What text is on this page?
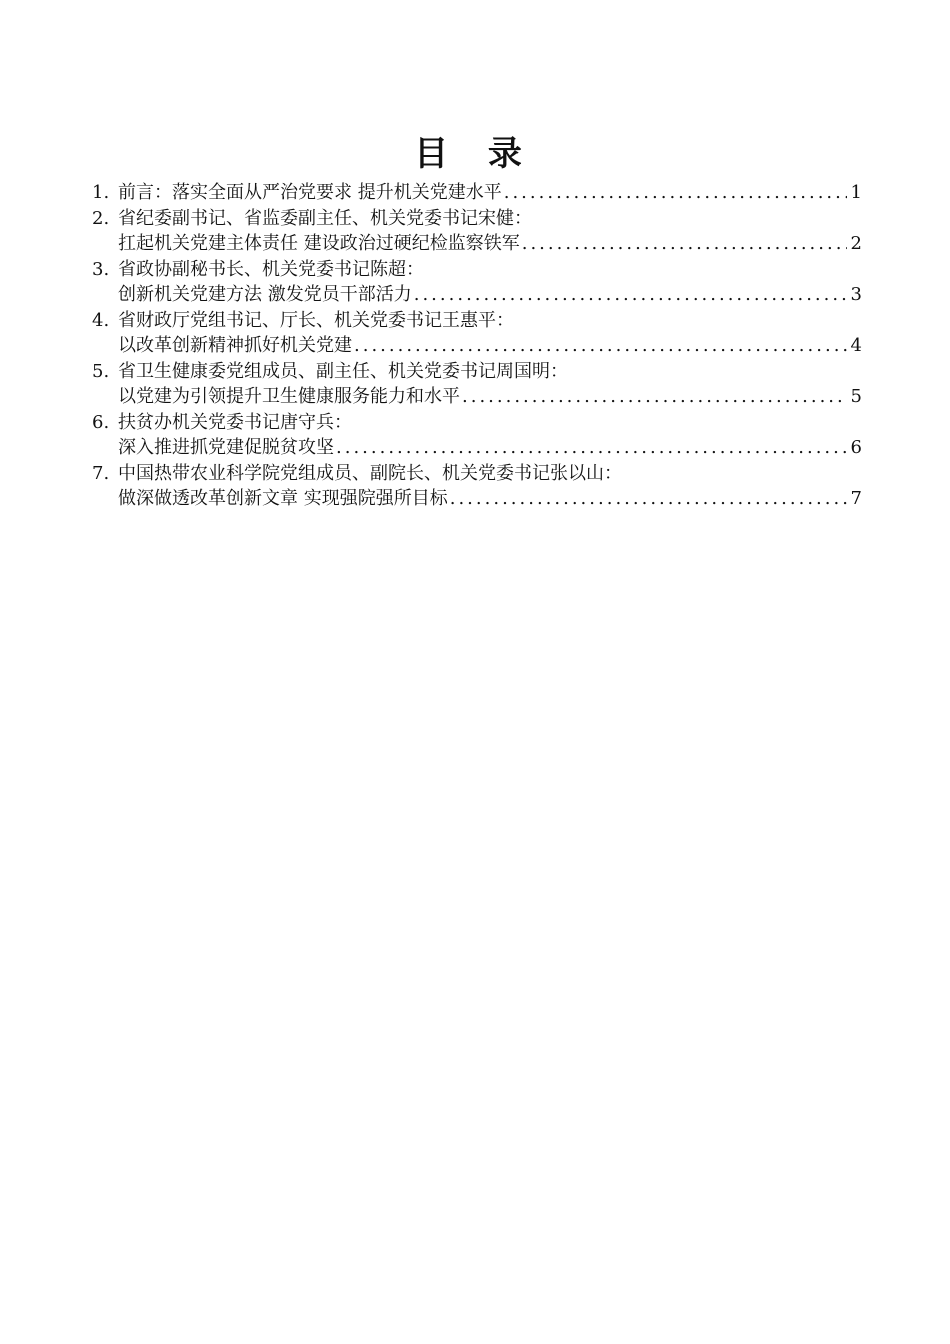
目 录
1. 前言：落实全面从严治党要求 提升机关党建水平 .....	1
2. 省纪委副书记、省监委副主任、机关党委书记宋健：
扛起机关党建主体责任 建设政治过硬纪检监察铁军 .....	2
3. 省政协副秘书长、机关党委书记陈超：
创新机关党建方法 激发党员干部活力 .....	3
4. 省财政厅党组书记、厅长、机关党委书记王惠平：
以改革创新精神抓好机关党建 .....	4
5. 省卫生健康委党组成员、副主任、机关党委书记周国明：
以党建为引领提升卫生健康服务能力和水平 .....	5
6. 扶贫办机关党委书记唐守兵：
深入推进抓党建促脱贫攻坚 .....	6
7. 中国热带农业科学院党组成员、副院长、机关党委书记张以山：
做深做透改革创新文章 实现强院强所目标 .....	7
